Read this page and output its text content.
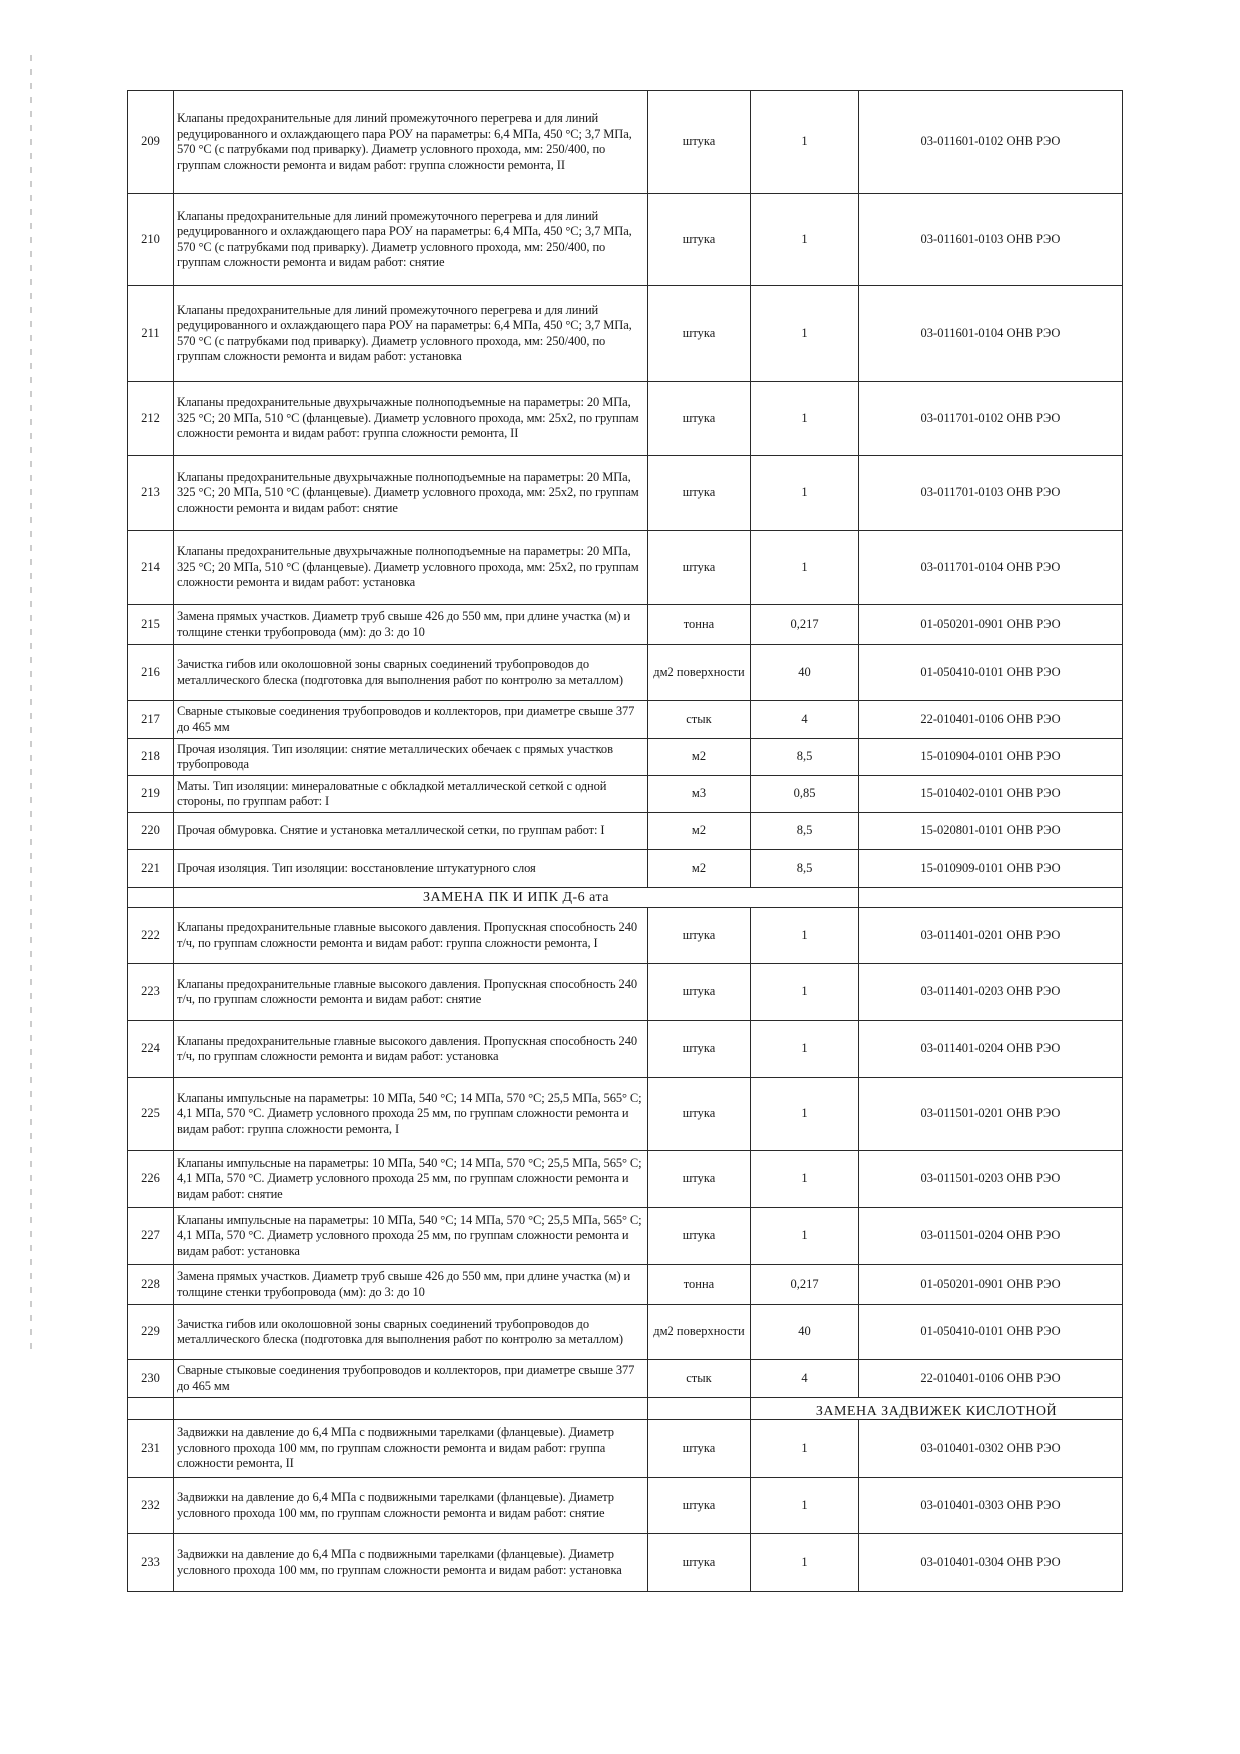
209	Клапаны предохранительные для линий промежуточного перегрева и для линий редуцированного и охлаждающего пара РОУ на параметры: 6,4 МПа, 450 °С; 3,7 МПа, 570 °С (с патрубками под приварку). Диаметр условного прохода, мм: 250/400, по группам сложности ремонта и видам работ: группа сложности ремонта, II	штука	1	03-011601-0102 ОНВ РЭО
210	Клапаны предохранительные для линий промежуточного перегрева и для линий редуцированного и охлаждающего пара РОУ на параметры: 6,4 МПа, 450 °С; 3,7 МПа, 570 °С (с патрубками под приварку). Диаметр условного прохода, мм: 250/400, по группам сложности ремонта и видам работ: снятие	штука	1	03-011601-0103 ОНВ РЭО
211	Клапаны предохранительные для линий промежуточного перегрева и для линий редуцированного и охлаждающего пара РОУ на параметры: 6,4 МПа, 450 °С; 3,7 МПа, 570 °С (с патрубками под приварку). Диаметр условного прохода, мм: 250/400, по группам сложности ремонта и видам работ: установка	штука	1	03-011601-0104 ОНВ РЭО
212	Клапаны предохранительные двухрычажные полноподъемные на параметры: 20 МПа, 325 °С; 20 МПа, 510 °С (фланцевые). Диаметр условного прохода, мм: 25х2, по группам сложности ремонта и видам работ: группа сложности ремонта, II	штука	1	03-011701-0102 ОНВ РЭО
213	Клапаны предохранительные двухрычажные полноподъемные на параметры: 20 МПа, 325 °С; 20 МПа, 510 °С (фланцевые). Диаметр условного прохода, мм: 25х2, по группам сложности ремонта и видам работ: снятие	штука	1	03-011701-0103 ОНВ РЭО
214	Клапаны предохранительные двухрычажные полноподъемные на параметры: 20 МПа, 325 °С; 20 МПа, 510 °С (фланцевые). Диаметр условного прохода, мм: 25х2, по группам сложности ремонта и видам работ: установка	штука	1	03-011701-0104 ОНВ РЭО
215	Замена прямых участков. Диаметр труб свыше 426 до 550 мм, при длине участка (м) и толщине стенки трубопровода (мм): до 3: до 10	тонна	0,217	01-050201-0901 ОНВ РЭО
216	Зачистка гибов или околошовной зоны сварных соединений трубопроводов до металлического блеска (подготовка для выполнения работ по контролю за металлом)	дм2 поверхности	40	01-050410-0101 ОНВ РЭО
217	Сварные стыковые соединения трубопроводов и коллекторов, при диаметре свыше 377 до 465 мм	стык	4	22-010401-0106 ОНВ РЭО
218	Прочая изоляция. Тип изоляции: снятие металлических обечаек с прямых участков трубопровода	м2	8,5	15-010904-0101 ОНВ РЭО
219	Маты. Тип изоляции: минераловатные с обкладкой металлической сеткой с одной стороны, по группам работ: I	м3	0,85	15-010402-0101 ОНВ РЭО
220	Прочая обмуровка. Снятие и установка металлической сетки, по группам работ: I	м2	8,5	15-020801-0101 ОНВ РЭО
221	Прочая изоляция. Тип изоляции: восстановление штукатурного слоя	м2	8,5	15-010909-0101 ОНВ РЭО
	ЗАМЕНА ПК И ИПК Д-6 ата			
222	Клапаны предохранительные главные высокого давления. Пропускная способность 240 т/ч, по группам сложности ремонта и видам работ: группа сложности ремонта, I	штука	1	03-011401-0201 ОНВ РЭО
223	Клапаны предохранительные главные высокого давления. Пропускная способность 240 т/ч, по группам сложности ремонта и видам работ: снятие	штука	1	03-011401-0203 ОНВ РЭО
224	Клапаны предохранительные главные высокого давления. Пропускная способность 240 т/ч, по группам сложности ремонта и видам работ: установка	штука	1	03-011401-0204 ОНВ РЭО
225	Клапаны импульсные на параметры: 10 МПа, 540 °С; 14 МПа, 570 °С; 25,5 МПа, 565° С; 4,1 МПа, 570 °С. Диаметр условного прохода 25 мм, по группам сложности ремонта и видам работ: группа сложности ремонта, I	штука	1	03-011501-0201 ОНВ РЭО
226	Клапаны импульсные на параметры: 10 МПа, 540 °С; 14 МПа, 570 °С; 25,5 МПа, 565° С; 4,1 МПа, 570 °С. Диаметр условного прохода 25 мм, по группам сложности ремонта и видам работ: снятие	штука	1	03-011501-0203 ОНВ РЭО
227	Клапаны импульсные на параметры: 10 МПа, 540 °С; 14 МПа, 570 °С; 25,5 МПа, 565° С; 4,1 МПа, 570 °С. Диаметр условного прохода 25 мм, по группам сложности ремонта и видам работ: установка	штука	1	03-011501-0204 ОНВ РЭО
228	Замена прямых участков. Диаметр труб свыше 426 до 550 мм, при длине участка (м) и толщине стенки трубопровода (мм): до 3: до 10	тонна	0,217	01-050201-0901 ОНВ РЭО
229	Зачистка гибов или околошовной зоны сварных соединений трубопроводов до металлического блеска (подготовка для выполнения работ по контролю за металлом)	дм2 поверхности	40	01-050410-0101 ОНВ РЭО
230	Сварные стыковые соединения трубопроводов и коллекторов, при диаметре свыше 377 до 465 мм	стык	4	22-010401-0106 ОНВ РЭО
			ЗАМЕНА ЗАДВИЖЕК КИСЛОТНОЙ	
231	Задвижки на давление до 6,4 МПа с подвижными тарелками (фланцевые). Диаметр условного прохода 100 мм, по группам сложности ремонта и видам работ: группа сложности ремонта, II	штука	1	03-010401-0302 ОНВ РЭО
232	Задвижки на давление до 6,4 МПа с подвижными тарелками (фланцевые). Диаметр условного прохода 100 мм, по группам сложности ремонта и видам работ: снятие	штука	1	03-010401-0303 ОНВ РЭО
233	Задвижки на давление до 6,4 МПа с подвижными тарелками (фланцевые). Диаметр условного прохода 100 мм, по группам сложности ремонта и видам работ: установка	штука	1	03-010401-0304 ОНВ РЭО
